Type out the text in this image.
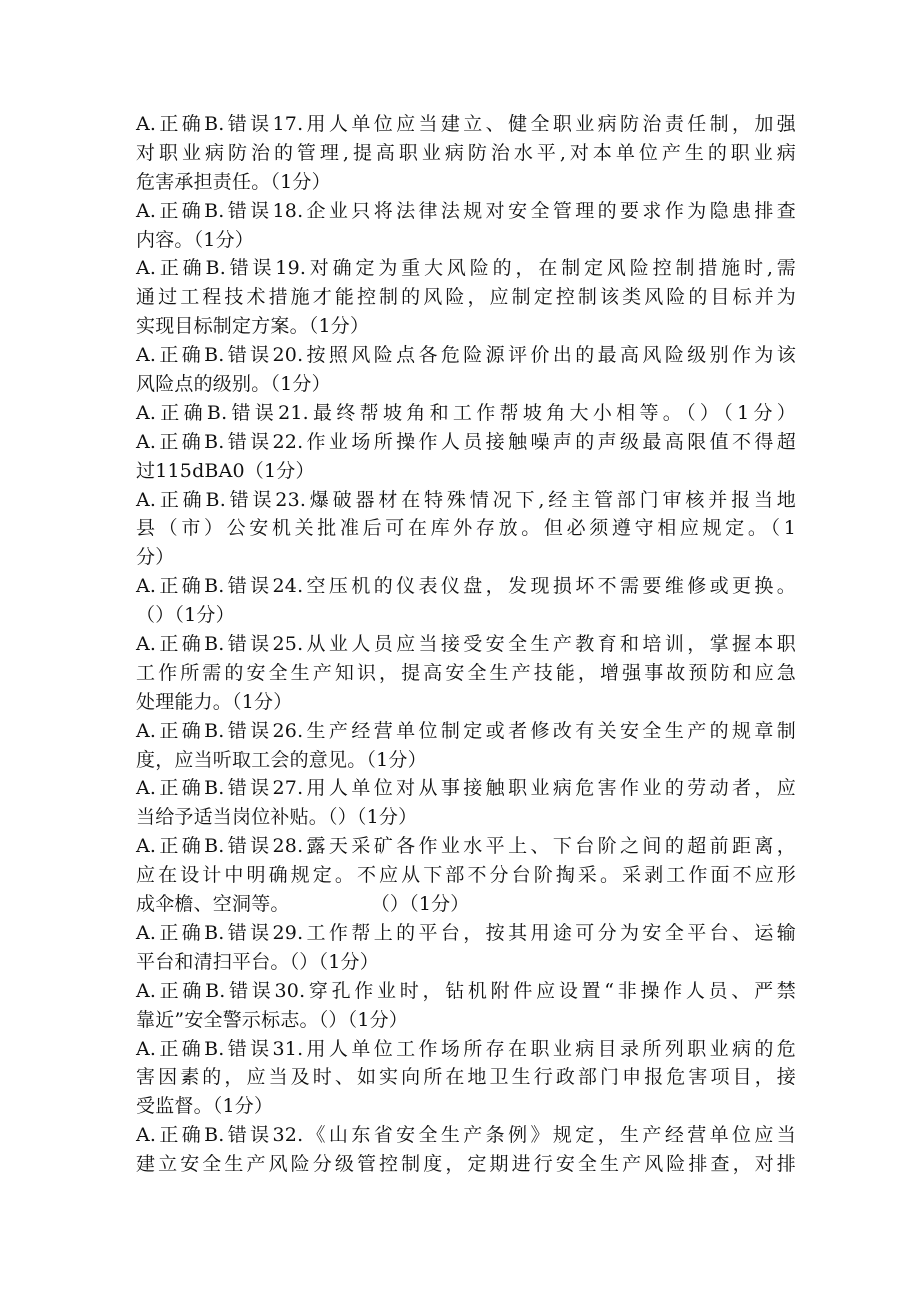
A.正确B.错误17.用人单位应当建立、健全职业病防治责任制，加强
对职业病防治的管理,提高职业病防治水平,对本单位产生的职业病
危害承担责任。（1分）
A.正确B.错误18.企业只将法律法规对安全管理的要求作为隐患排查
内容。（1分）
A.正确B.错误19.对确定为重大风险的，在制定风险控制措施时,需
通过工程技术措施才能控制的风险，应制定控制该类风险的目标并为
实现目标制定方案。（1分）
A.正确B.错误20.按照风险点各危险源评价出的最高风险级别作为该
风险点的级别。（1分）
A.正确B.错误21.最终帮坡角和工作帮坡角大小相等。（）（1分）
A.正确B.错误22.作业场所操作人员接触噪声的声级最高限值不得超
过115dBA0（1分）
A.正确B.错误23.爆破器材在特殊情况下,经主管部门审核并报当地
县（市）公安机关批准后可在库外存放。但必须遵守相应规定。（1
分）
A.正确B.错误24.空压机的仪表仪盘，发现损坏不需要维修或更换。
（）（1分）
A.正确B.错误25.从业人员应当接受安全生产教育和培训，掌握本职
工作所需的安全生产知识，提高安全生产技能，增强事故预防和应急
处理能力。（1分）
A.正确B.错误26.生产经营单位制定或者修改有关安全生产的规章制
度，应当听取工会的意见。（1分）
A.正确B.错误27.用人单位对从事接触职业病危害作业的劳动者，应
当给予适当岗位补贴。（）（1分）
A.正确B.错误28.露天采矿各作业水平上、下台阶之间的超前距离，
应在设计中明确规定。不应从下部不分台阶掏采。采剥工作面不应形
成伞檐、空洞等。             （）（1分）
A.正确B.错误29.工作帮上的平台，按其用途可分为安全平台、运输
平台和清扫平台。（）（1分）
A.正确B.错误30.穿孔作业时，钻机附件应设置“非操作人员、严禁
靠近”安全警示标志。（）（1分）
A.正确B.错误31.用人单位工作场所存在职业病目录所列职业病的危
害因素的，应当及时、如实向所在地卫生行政部门申报危害项目，接
受监督。（1分）
A.正确B.错误32.《山东省安全生产条例》规定，生产经营单位应当
建立安全生产风险分级管控制度，定期进行安全生产风险排查，对排
